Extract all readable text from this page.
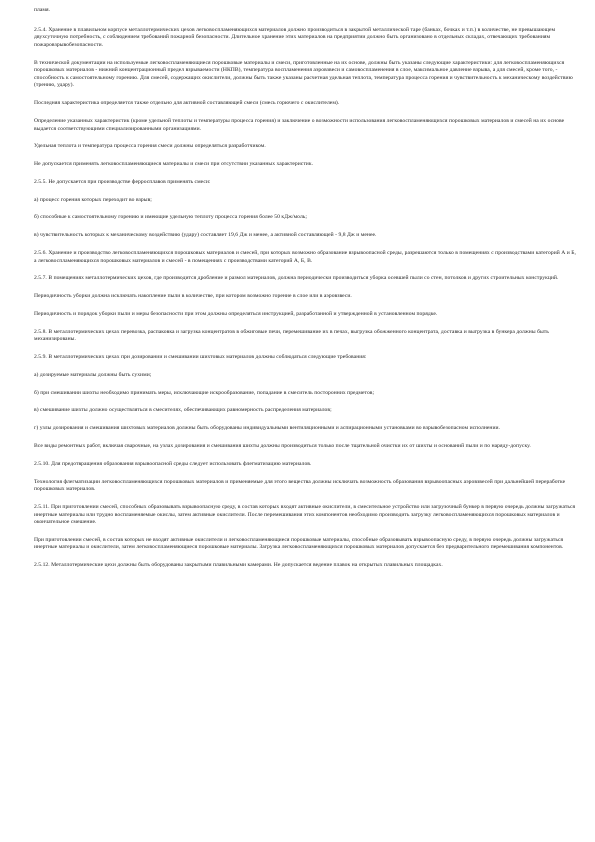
пламя.

2.5.4. Хранение в плавильном корпусе металлотермических цехов легковоспламеняющихся материалов должно производиться в закрытой металлической таре (банках, бочках и т.п.) в количестве, не превышающем двухсуточную потребность, с соблюдением требований пожарной безопасности. Длительное хранение этих материалов на предприятии должно быть организовано в отдельных складах, отвечающих требованиям пожаровзрывобезопасности.

В технической документации на используемые легковоспламеняющиеся порошковые материалы и смеси, приготовленные на их основе, должны быть указаны следующие характеристики: для легковоспламеняющихся порошковых материалов - нижний концентрационный предел взрываемости (НКПВ), температура воспламенения аэровзвеси и самовоспламенения в слое, максимальное давление взрыва, а для смесей, кроме того, - способность к самостоятельному горению. Для смесей, содержащих окислители, должны быть также указаны расчетная удельная теплота, температура процесса горения и чувствительность к механическому воздействию (трению, удару).

Последняя характеристика определяется также отдельно для активной составляющей смеси (смесь горючего с окислителем).

Определение указанных характеристик (кроме удельной теплоты и температуры процесса горения) и заключение о возможности использования легковоспламеняющихся порошковых материалов и смесей на их основе выдается соответствующими специализированными организациями.

Удельная теплота и температура процесса горения смеси должны определяться разработчиком.

Не допускается применять легковоспламеняющиеся материалы и смеси при отсутствии указанных характеристик.

2.5.5. Не допускается при производстве ферросплавов применять смеси:

а) процесс горения которых переходит во взрыв;

б) способные к самостоятельному горению и имеющие удельную теплоту процесса горения более 50 кДж/моль;

в) чувствительность которых к механическому воздействию (удару) составляет 19,6 Дж и менее, а активной составляющей - 9,8 Дж и менее.

2.5.6. Хранение и производство легковоспламеняющихся порошковых материалов и смесей, при которых возможно образование взрывоопасной среды, разрешаются только в помещениях с производствами категорий А и Б, а легковоспламеняющихся порошковых материалов и смесей - в помещениях с производствами категорий А, Б, В.

2.5.7. В помещениях металлотермических цехов, где производится дробление и размол материалов, должна периодически производиться уборка осевшей пыли со стен, потолков и других строительных конструкций.

Периодичность уборки должна исключать накопление пыли в количестве, при котором возможно горение в слое или в аэровзвеси.

Периодичность и порядок уборки пыли и меры безопасности при этом должны определяться инструкцией, разработанной и утвержденной в установленном порядке.

2.5.8. В металлотермических цехах перевозка, распаковка и загрузка концентратов в обжиговые печи, перемешивание их в печах, выгрузка обожженного концентрата, доставка и выгрузка в бункера должны быть механизированы.

2.5.9. В металлотермических цехах при дозировании и смешивании шихтовых материалов должны соблюдаться следующие требования:

а) дозируемые материалы должны быть сухими;

б) при смешивании шихты необходимо принимать меры, исключающие искрообразование, попадание в смеситель посторонних предметов;

в) смешивание шихты должно осуществляться в смесителях, обеспечивающих равномерность распределения материалов;

г) узлы дозирования и смешивания шихтовых материалов должны быть оборудованы индивидуальными вентиляционными и аспирационными установками во взрывобезопасном исполнении.

Все виды ремонтных работ, включая сварочные, на узлах дозирования и смешивания шихты должны производиться только после тщательной очистки их от шихты и оснований пыли и по наряду-допуску.

2.5.10. Для предотвращения образования взрывоопасной среды следует использовать флегматизацию материалов.

Технология флегматизации легковоспламеняющихся порошковых материалов и применяемые для этого вещества должны исключать возможность образования взрывоопасных аэровзвесей при дальнейшей переработке порошковых материалов.

2.5.11. При приготовлении смесей, способных образовывать взрывоопасную среду, в состав которых входят активные окислители, в смесительное устройство или загрузочный бункер в первую очередь должны загружаться инертные материалы или трудно воспламеняемые окислы, затем активные окислители. После перемешивания этих компонентов необходимо производить загрузку легковоспламеняющихся порошковых материалов и окончательное смешение.

При приготовлении смесей, в состав которых не входят активные окислители и легковоспламеняющиеся порошковые материалы, способные образовывать взрывоопасную среду, в первую очередь должны загружаться инертные материалы и окислители, затем легковоспламеняющиеся порошковые материалы. Загрузка легковоспламеняющихся порошковых материалов допускается без предварительного перемешивания компонентов.

2.5.12. Металлотермические цехи должны быть оборудованы закрытыми плавильными камерами. Не допускается ведение плавок на открытых плавильных площадках.
